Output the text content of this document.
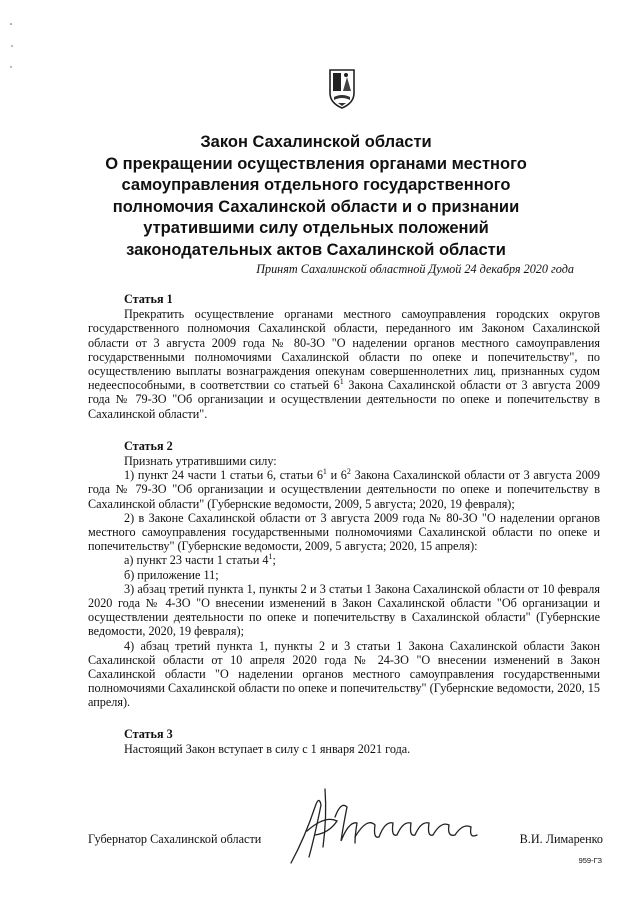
Закон Сахалинской области
О прекращении осуществления органами местного
самоуправления отдельного государственного
полномочия Сахалинской области и о признании
утратившими силу отдельных положений
законодательных актов Сахалинской области
Принят Сахалинской областной Думой 24 декабря 2020 года
Статья 1

Прекратить осуществление органами местного самоуправления городских округов государственного полномочия Сахалинской области, переданного им Законом Сахалинской области от 3 августа 2009 года № 80-ЗО "О наделении органов местного самоуправления государственными полномочиями Сахалинской области по опеке и попечительству", по осуществлению выплаты вознаграждения опекунам совершеннолетних лиц, признанных судом недееспособными, в соответствии со статьей $6^1$ Закона Сахалинской области от 3 августа 2009 года № 79-ЗО "Об организации и осуществлении деятельности по опеке и попечительству в Сахалинской области".

Статья 2

Признать утратившими силу:

1) пункт 24 части 1 статьи 6, статьи $6^1$ и $6^2$ Закона Сахалинской области от 3 августа 2009 года № 79-ЗО "Об организации и осуществлении деятельности по опеке и попечительству в Сахалинской области" (Губернские ведомости, 2009, 5 августа; 2020, 19 февраля);

2) в Законе Сахалинской области от 3 августа 2009 года № 80-ЗО "О наделении органов местного самоуправления государственными полномочиями Сахалинской области по опеке и попечительству" (Губернские ведомости, 2009, 5 августа; 2020, 15 апреля):

а) пункт 23 части 1 статьи $4^1$;

б) приложение 11;

3) абзац третий пункта 1, пункты 2 и 3 статьи 1 Закона Сахалинской области от 10 февраля 2020 года № 4-ЗО "О внесении изменений в Закон Сахалинской области "Об организации и осуществлении деятельности по опеке и попечительству в Сахалинской области" (Губернские ведомости, 2020, 19 февраля);

4) абзац третий пункта 1, пункты 2 и 3 статьи 1 Закона Сахалинской области Закон Сахалинской области от 10 апреля 2020 года № 24-ЗО "О внесении изменений в Закон Сахалинской области "О наделении органов местного самоуправления государственными полномочиями Сахалинской области по опеке и попечительству" (Губернские ведомости, 2020, 15 апреля).

Статья 3

Настоящий Закон вступает в силу с 1 января 2021 года.

Губернатор Сахалинской области	В.И. Лимаренко
959-ГЗ
